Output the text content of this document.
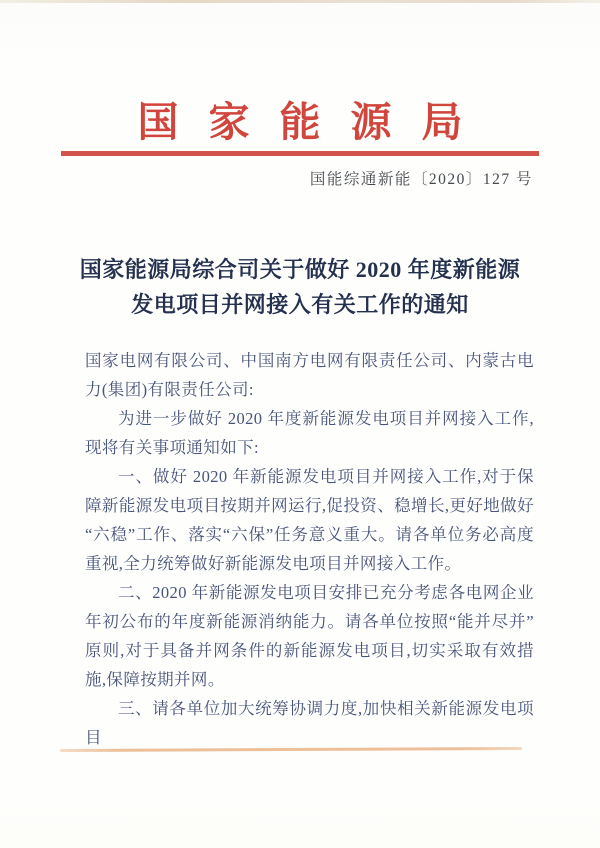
国家能源局
国能综通新能〔2020〕127 号
国家能源局综合司关于做好 2020 年度新能源
发电项目并网接入有关工作的通知

国家电网有限公司、中国南方电网有限责任公司、内蒙古电力(集团)有限责任公司:

为进一步做好 2020 年度新能源发电项目并网接入工作,现将有关事项通知如下:

一、做好 2020 年新能源发电项目并网接入工作,对于保障新能源发电项目按期并网运行,促投资、稳增长,更好地做好“六稳”工作、落实“六保”任务意义重大。请各单位务必高度重视,全力统筹做好新能源发电项目并网接入工作。

二、2020 年新能源发电项目安排已充分考虑各电网企业年初公布的年度新能源消纳能力。请各单位按照“能并尽并”原则,对于具备并网条件的新能源发电项目,切实采取有效措施,保障按期并网。

三、请各单位加大统筹协调力度,加快相关新能源发电项目
